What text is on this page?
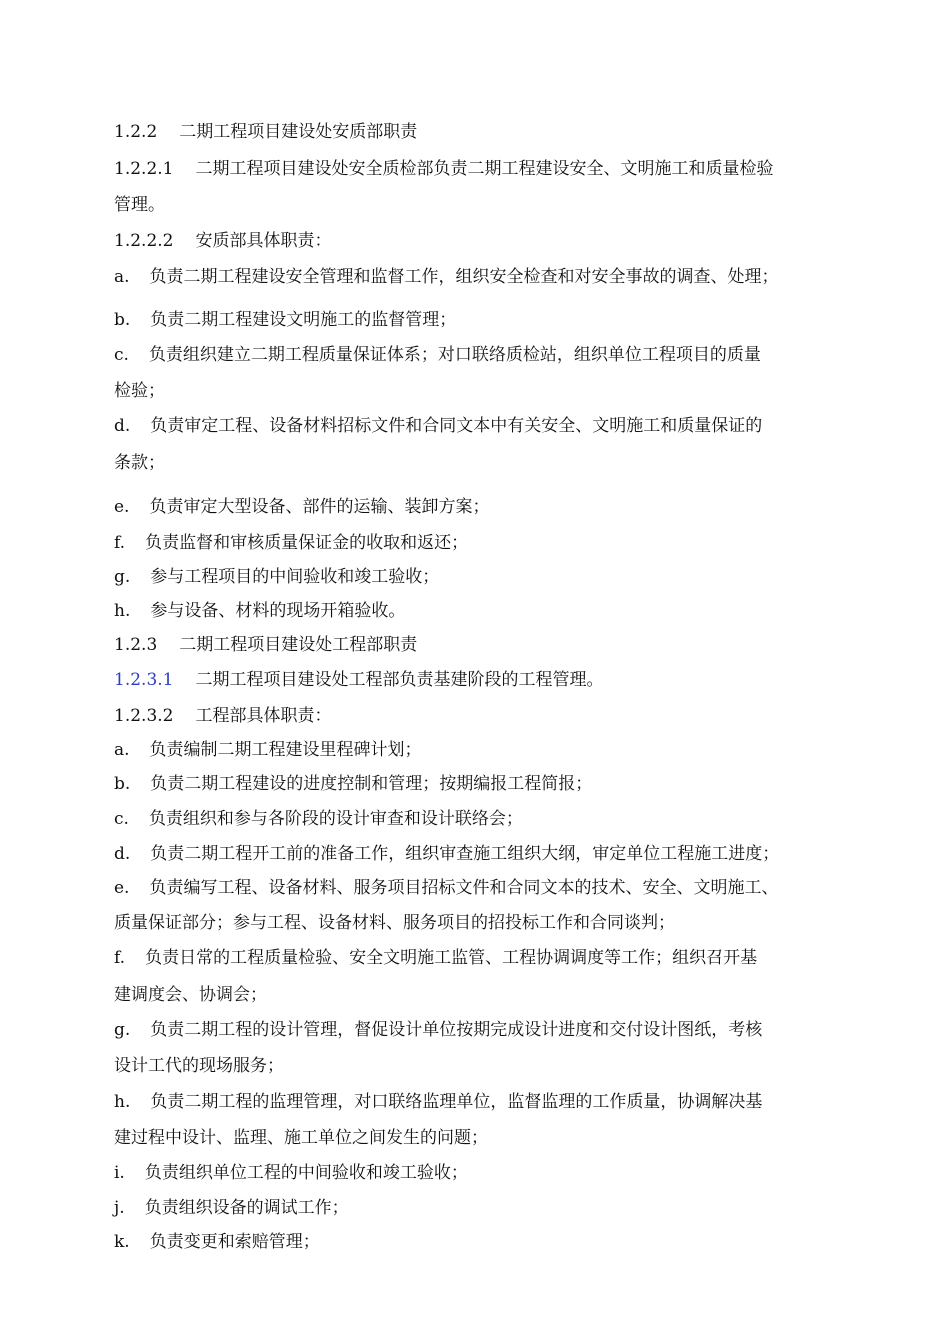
1.2.2 二期工程项目建设处安质部职责
1.2.2.1 二期工程项目建设处安全质检部负责二期工程建设安全、文明施工和质量检验
管理。
1.2.2.2 安质部具体职责：
a. 负责二期工程建设安全管理和监督工作，组织安全检查和对安全事故的调查、处理；
b. 负责二期工程建设文明施工的监督管理；
c. 负责组织建立二期工程质量保证体系；对口联络质检站，组织单位工程项目的质量
检验；
d. 负责审定工程、设备材料招标文件和合同文本中有关安全、文明施工和质量保证的
条款；
e. 负责审定大型设备、部件的运输、装卸方案；
f. 负责监督和审核质量保证金的收取和返还；
g. 参与工程项目的中间验收和竣工验收；
h. 参与设备、材料的现场开箱验收。
1.2.3 二期工程项目建设处工程部职责
1.2.3.1 二期工程项目建设处工程部负责基建阶段的工程管理。
1.2.3.2 工程部具体职责：
a. 负责编制二期工程建设里程碑计划；
b. 负责二期工程建设的进度控制和管理；按期编报工程简报；
c. 负责组织和参与各阶段的设计审查和设计联络会；
d. 负责二期工程开工前的准备工作，组织审查施工组织大纲，审定单位工程施工进度；
e. 负责编写工程、设备材料、服务项目招标文件和合同文本的技术、安全、文明施工、
质量保证部分；参与工程、设备材料、服务项目的招投标工作和合同谈判；
f. 负责日常的工程质量检验、安全文明施工监管、工程协调调度等工作；组织召开基
建调度会、协调会；
g. 负责二期工程的设计管理，督促设计单位按期完成设计进度和交付设计图纸，考核
设计工代的现场服务；
h. 负责二期工程的监理管理，对口联络监理单位，监督监理的工作质量，协调解决基
建过程中设计、监理、施工单位之间发生的问题；
i. 负责组织单位工程的中间验收和竣工验收；
j. 负责组织设备的调试工作；
k. 负责变更和索赔管理；
